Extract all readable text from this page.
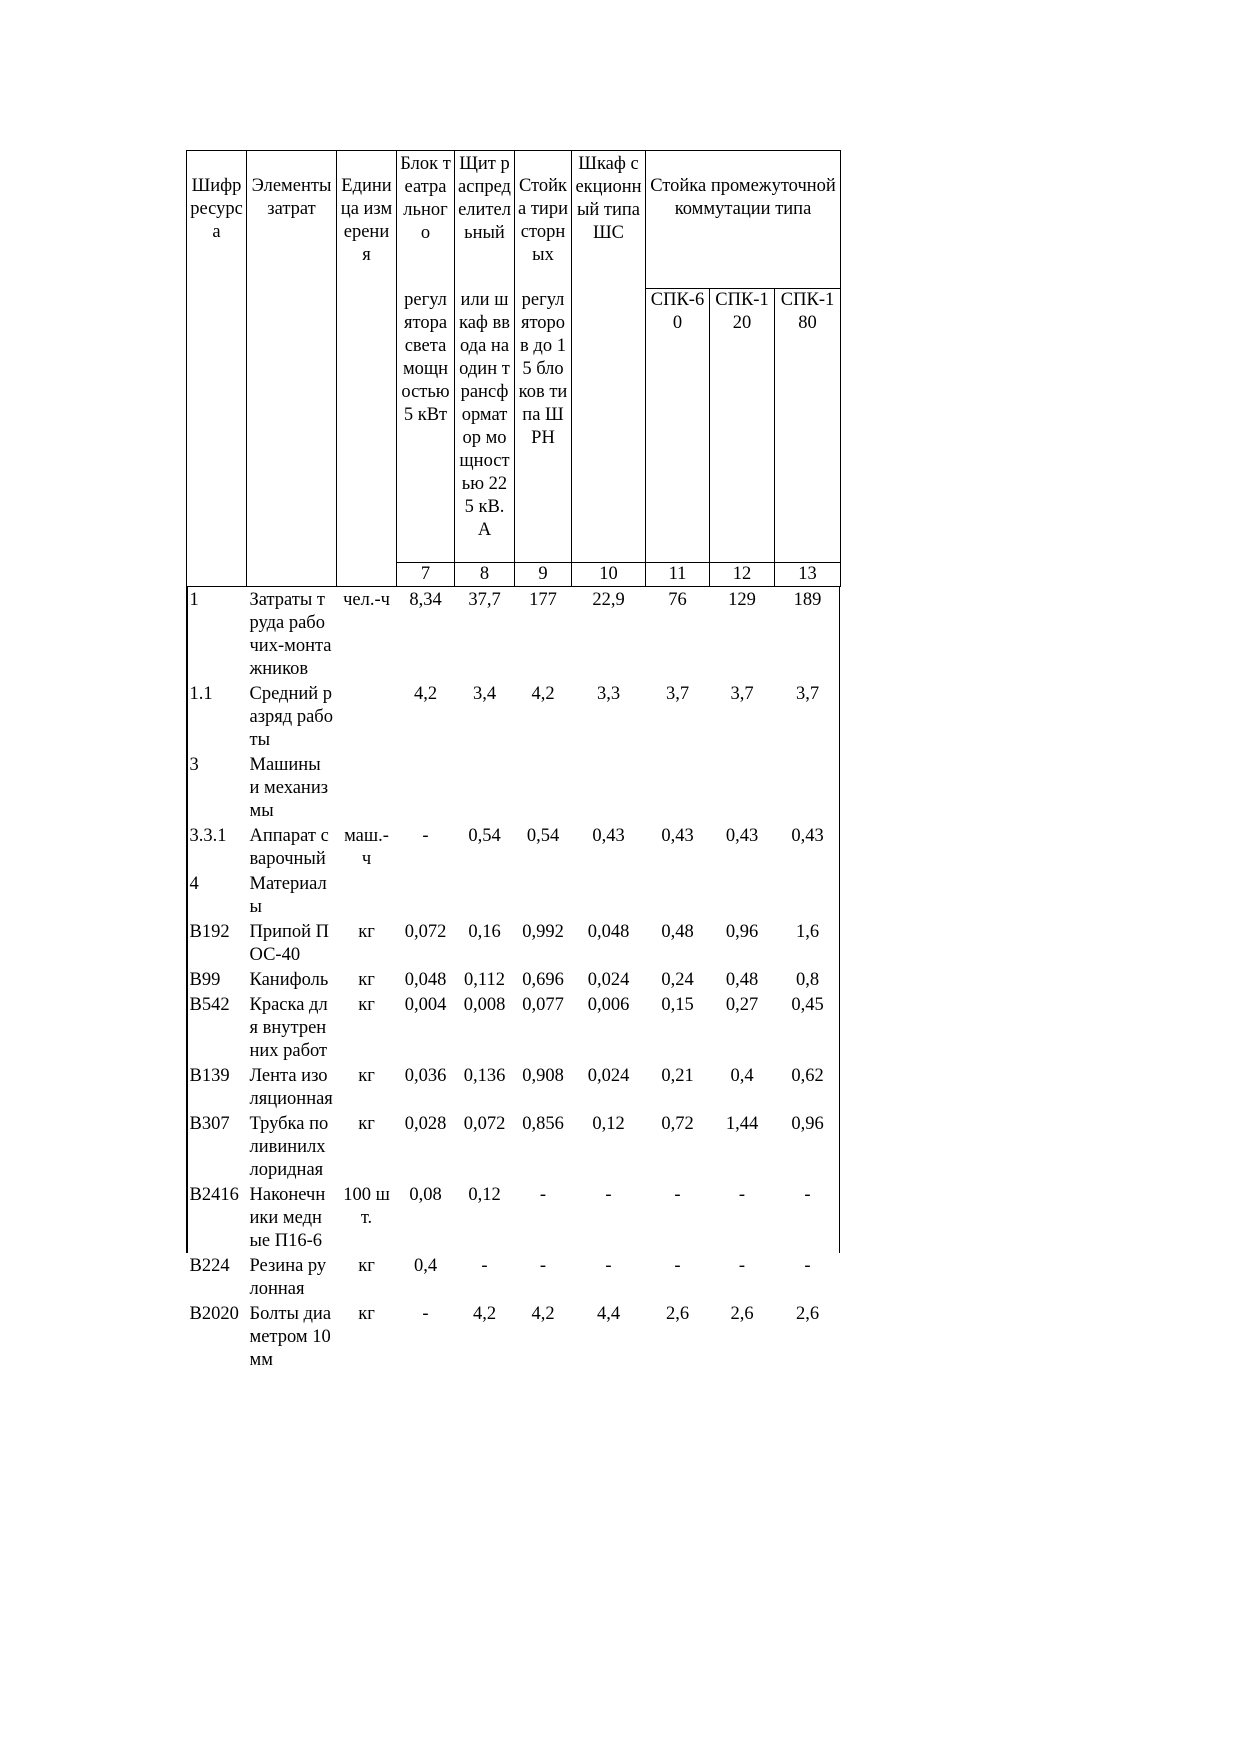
Шифр ресурса	Элементы затрат	Единица измерения	Блок театрального	Щит распределительный	Стойка тиристорных	Шкаф секционный типа ШС	Стойка промежуточной коммутации типа		
			регулятора света мощностью 5 кВт	или шкаф ввода на один трансформатор мощностью 225 кВ.А	регуляторов до 15 блоков типа ШРН		СПК-60	СПК-120	СПК-180
			7	8	9	10	11	12	13
1	Затраты труда рабочих-монтажников	чел.-ч	8,34	37,7	177	22,9	76	129	189
1.1	Средний разряд работы		4,2	3,4	4,2	3,3	3,7	3,7	3,7
3	Машины и механизмы								
3.3.1	Аппарат сварочный	маш.-ч	-	0,54	0,54	0,43	0,43	0,43	0,43
4	Материалы								
В192	Припой ПОС-40	кг	0,072	0,16	0,992	0,048	0,48	0,96	1,6
В99	Канифоль	кг	0,048	0,112	0,696	0,024	0,24	0,48	0,8
В542	Краска для внутренних работ	кг	0,004	0,008	0,077	0,006	0,15	0,27	0,45
В139	Лента изоляционная	кг	0,036	0,136	0,908	0,024	0,21	0,4	0,62
В307	Трубка поливинилхлоридная	кг	0,028	0,072	0,856	0,12	0,72	1,44	0,96
В2416	Наконечники медные П16-6	100 шт.	0,08	0,12	-	-	-	-	-
В224	Резина рулонная	кг	0,4	-	-	-	-	-	-
В2020	Болты диаметром 10 мм	кг	-	4,2	4,2	4,4	2,6	2,6	2,6
